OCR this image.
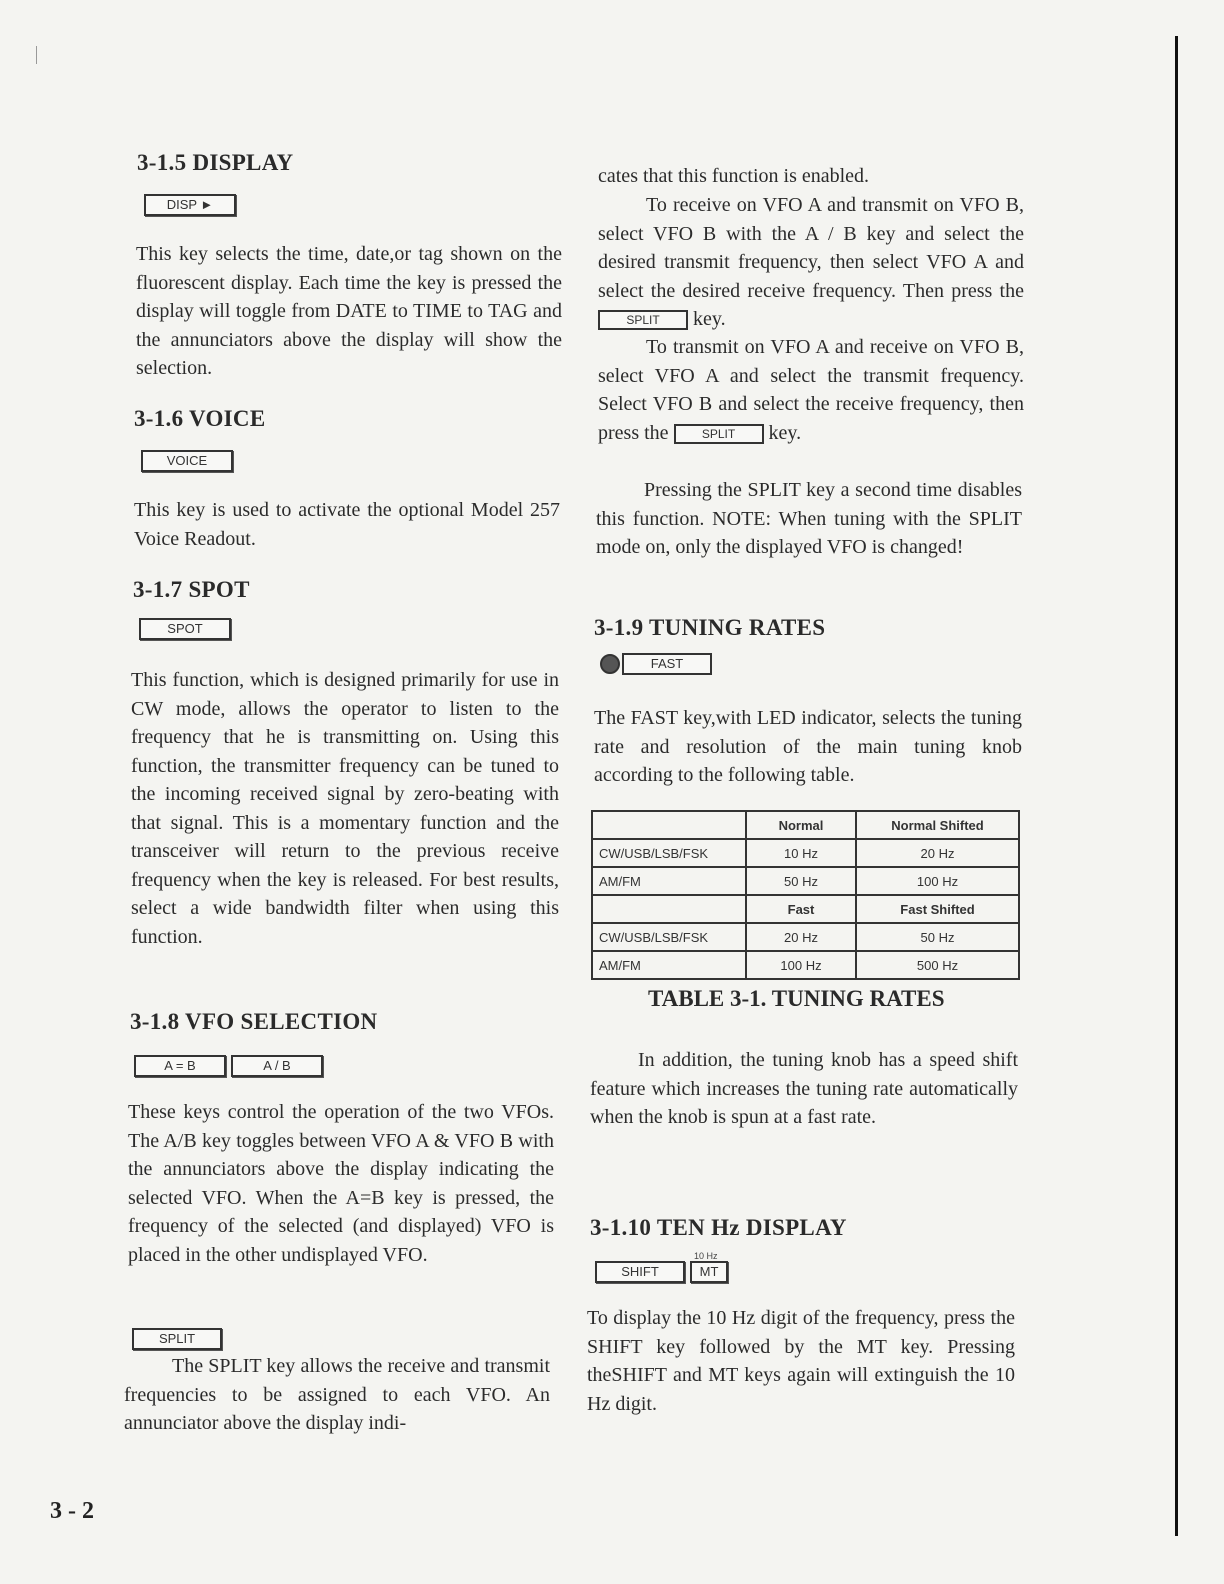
3-1.5 DISPLAY
DISP ►

This key selects the time, date,or tag shown on the fluorescent display. Each time the key is pressed the display will toggle from DATE to TIME to TAG and the annunciators above the display will show the selection.

3-1.6 VOICE
VOICE

This key is used to activate the optional Model 257 Voice Readout.

3-1.7 SPOT
SPOT

This function, which is designed primarily for use in CW mode, allows the operator to listen to the frequency that he is transmitting on. Using this function, the transmitter frequency can be tuned to the incoming received signal by zero-beating with that signal. This is a momentary function and the transceiver will return to the previous receive frequency when the key is released. For best results, select a wide bandwidth filter when using this function.

3-1.8 VFO SELECTION
A = B	A / B

These keys control the operation of the two VFOs. The A/B key toggles between VFO A & VFO B with the annunciators above the display indicating the selected VFO. When the A=B key is pressed, the frequency of the selected (and displayed) VFO is placed in the other undisplayed VFO.

SPLIT

The SPLIT key allows the receive and transmit frequencies to be assigned to each VFO. An annunciator above the display indi-

3 - 2

cates that this function is enabled.

To receive on VFO A and transmit on VFO B, select VFO B with the A / B key and select the desired transmit frequency, then select VFO A and select the desired receive frequency. Then press the SPLIT key.

To transmit on VFO A and receive on VFO B, select VFO A and select the transmit frequency. Select VFO B and select the receive frequency, then press the	SPLIT key.

Pressing the SPLIT key a second time disables this function. NOTE: When tuning with the SPLIT mode on, only the displayed VFO is changed!

3-1.9 TUNING RATES
FAST

The FAST key,with LED indicator, selects the tuning rate and resolution of the main tuning knob according to the following table.

	Normal	Normal Shifted
CW/USB/LSB/FSK	10 Hz	20 Hz
AM/FM	50 Hz	100 Hz
	Fast	Fast Shifted
CW/USB/LSB/FSK	20 Hz	50 Hz
AM/FM	100 Hz	500 Hz
TABLE 3-1. TUNING RATES

In addition, the tuning knob has a speed shift feature which increases the tuning rate automatically when the knob is spun at a fast rate.

3-1.10 TEN Hz DISPLAY
10 Hz
SHIFT	MT

To display the 10 Hz digit of the frequency, press the SHIFT key followed by the MT key. Pressing theSHIFT and MT keys again will extinguish the 10 Hz digit.
